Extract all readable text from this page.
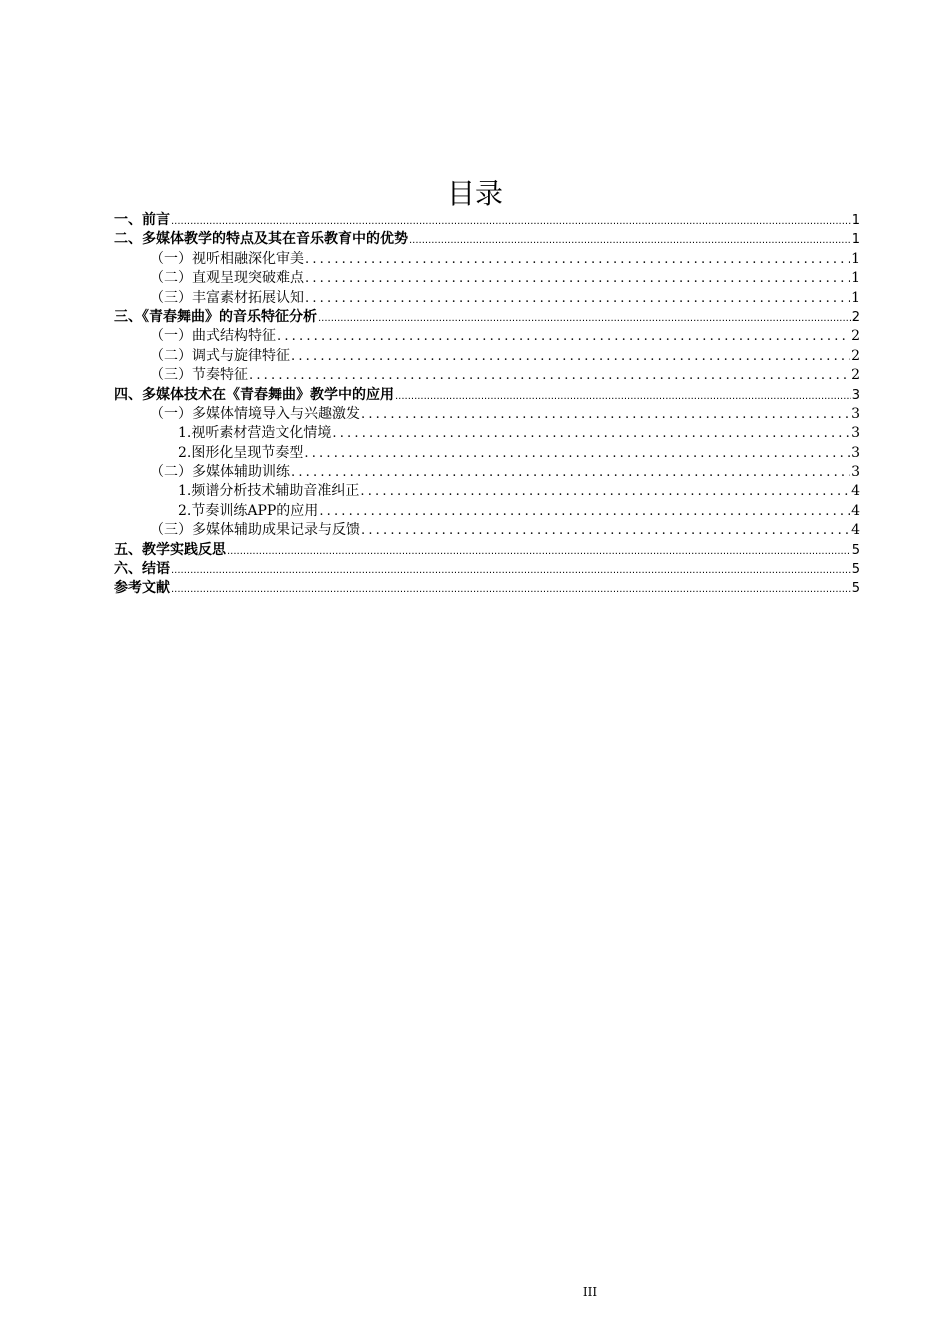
目录
一、前言 .....	1
二、多媒体教学的特点及其在音乐教育中的优势 .....	1
（一）视听相融深化审美 .....	1
（二）直观呈现突破难点 .....	1
（三）丰富素材拓展认知 .....	1
三、《青春舞曲》的音乐特征分析 .....	2
（一）曲式结构特征 .....	2
（二）调式与旋律特征 .....	2
（三）节奏特征 .....	2
四、多媒体技术在《青春舞曲》教学中的应用 .....	3
（一）多媒体情境导入与兴趣激发 .....	3
1.视听素材营造文化情境 .....	3
2.图形化呈现节奏型 .....	3
（二）多媒体辅助训练 .....	3
1.频谱分析技术辅助音准纠正 .....	4
2.节奏训练APP的应用 .....	4
（三）多媒体辅助成果记录与反馈 .....	4
五、教学实践反思 .....	5
六、结语 .....	5
参考文献 .....	5
III
